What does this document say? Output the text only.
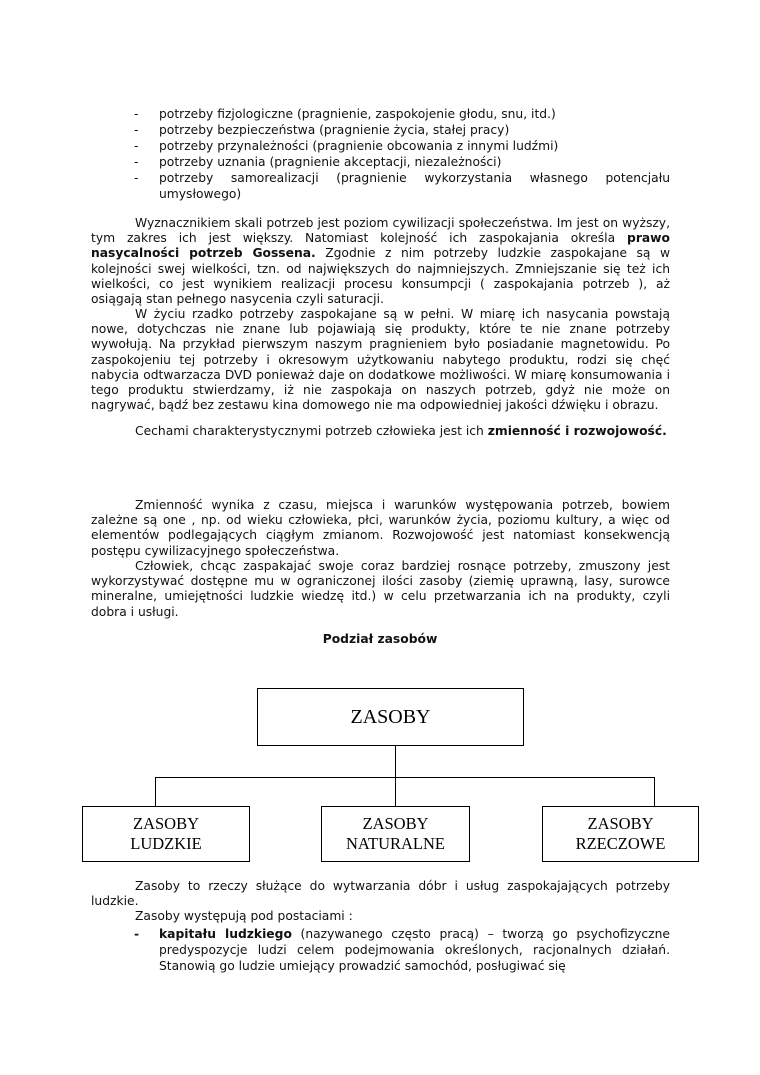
- potrzeby fizjologiczne (pragnienie, zaspokojenie głodu, snu, itd.)
- potrzeby bezpieczeństwa (pragnienie życia, stałej pracy)
- potrzeby przynależności (pragnienie obcowania z innymi ludźmi)
- potrzeby uznania (pragnienie akceptacji, niezależności)
- potrzeby samorealizacji (pragnienie wykorzystania własnego potencjału umysłowego)

Wyznacznikiem skali potrzeb jest poziom cywilizacji społeczeństwa. Im jest on wyższy, tym zakres ich jest większy. Natomiast kolejność ich zaspokajania określa prawo nasycalności potrzeb Gossena. Zgodnie z nim potrzeby ludzkie zaspokajane są w kolejności swej wielkości, tzn. od największych do najmniejszych. Zmniejszanie się też ich wielkości, co jest wynikiem realizacji procesu konsumpcji ( zaspokajania potrzeb ), aż osiągają stan pełnego nasycenia czyli saturacji.

W życiu rzadko potrzeby zaspokajane są w pełni. W miarę ich nasycania powstają nowe, dotychczas nie znane lub pojawiają się produkty, które te nie znane potrzeby wywołują. Na przykład pierwszym naszym pragnieniem było posiadanie magnetowidu. Po zaspokojeniu tej potrzeby i okresowym użytkowaniu nabytego produktu, rodzi się chęć nabycia odtwarzacza DVD ponieważ daje on dodatkowe możliwości. W miarę konsumowania i tego produktu stwierdzamy, iż nie zaspokaja on naszych potrzeb, gdyż nie może on nagrywać, bądź bez zestawu kina domowego nie ma odpowiedniej jakości dźwięku i obrazu.

Cechami charakterystycznymi potrzeb człowieka jest ich zmienność i rozwojowość.

Zmienność wynika z czasu, miejsca i warunków występowania potrzeb, bowiem zależne są one , np. od wieku człowieka, płci, warunków życia, poziomu kultury, a więc od elementów podlegających ciągłym zmianom. Rozwojowość jest natomiast konsekwencją postępu cywilizacyjnego społeczeństwa.

Człowiek, chcąc zaspakajać swoje coraz bardziej rosnące potrzeby, zmuszony jest wykorzystywać dostępne mu w ograniczonej ilości zasoby (ziemię uprawną, lasy, surowce mineralne, umiejętności ludzkie wiedzę itd.) w celu przetwarzania ich na produkty, czyli dobra i usługi.

Podział zasobów
ZASOBY
ZASOBY
LUDZKIE
ZASOBY
NATURALNE
ZASOBY
RZECZOWE

Zasoby to rzeczy służące do wytwarzania dóbr i usług zaspokajających potrzeby ludzkie.

Zasoby występują pod postaciami :

- kapitału ludzkiego (nazywanego często pracą) – tworzą go psychofizyczne predyspozycje ludzi celem podejmowania określonych, racjonalnych działań. Stanowią go ludzie umiejący prowadzić samochód, posługiwać się
